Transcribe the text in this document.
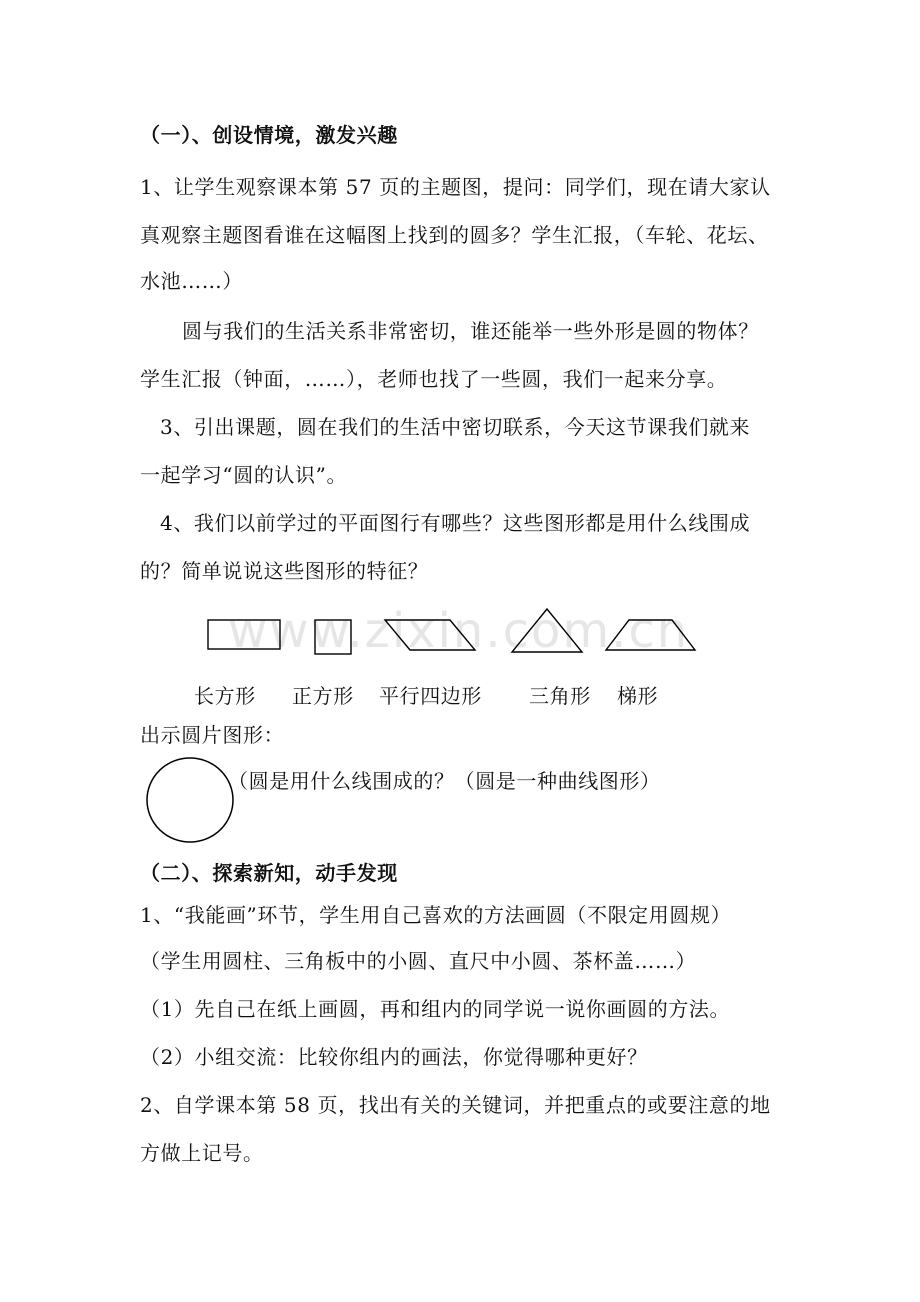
www.zixin.com.cn
（一）、创设情境，激发兴趣
1、让学生观察课本第 57 页的主题图，提问：同学们，现在请大家认
真观察主题图看谁在这幅图上找到的圆多？学生汇报，（车轮、花坛、
水池……）
圆与我们的生活关系非常密切，谁还能举一些外形是圆的物体？
学生汇报（钟面，……），老师也找了一些圆，我们一起来分享。
3、引出课题，圆在我们的生活中密切联系，今天这节课我们就来
一起学习“圆的认识”。
4、我们以前学过的平面图行有哪些？这些图形都是用什么线围成
的？简单说说这些图形的特征？
长方形 正方形 平行四边形 三角形 梯形
出示圆片图形：
（圆是用什么线围成的？（圆是一种曲线图形）
（二）、探索新知，动手发现
1、“我能画”环节，学生用自己喜欢的方法画圆（不限定用圆规）
（学生用圆柱、三角板中的小圆、直尺中小圆、茶杯盖……）
（1）先自己在纸上画圆，再和组内的同学说一说你画圆的方法。
（2）小组交流：比较你组内的画法，你觉得哪种更好？
2、自学课本第 58 页，找出有关的关键词，并把重点的或要注意的地
方做上记号。
